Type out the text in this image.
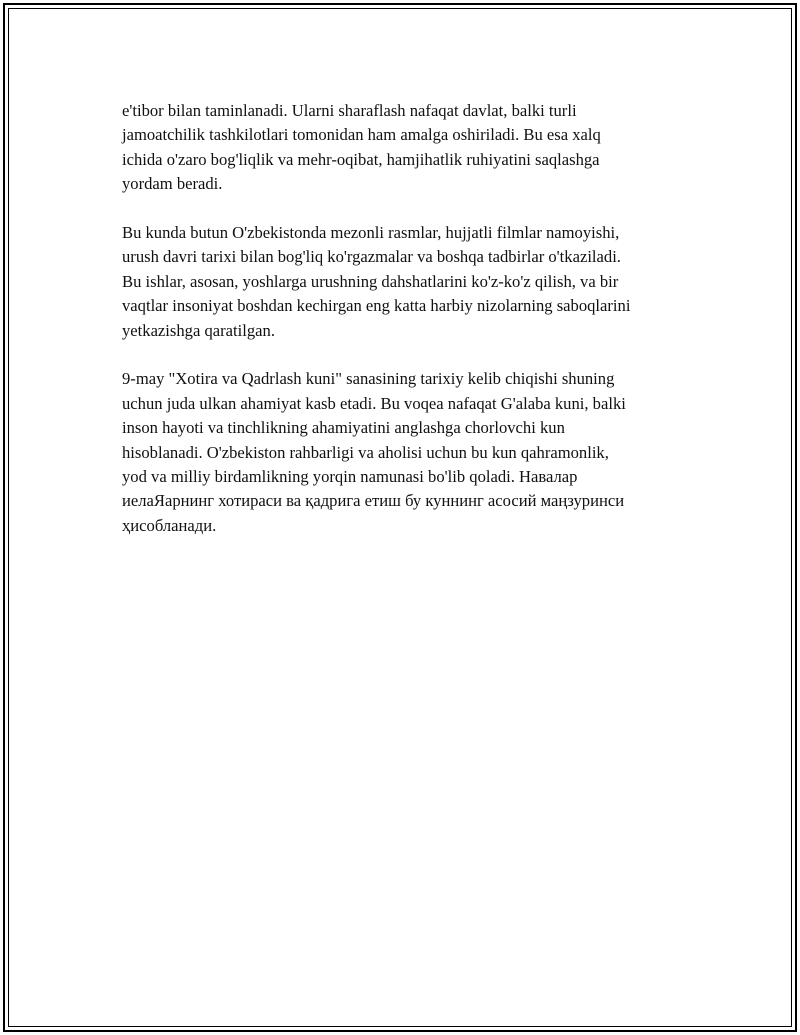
e'tibor bilan taminlanadi. Ularni sharaflash nafaqat davlat, balki turli
jamoatchilik tashkilotlari tomonidan ham amalga oshiriladi. Bu esa xalq
ichida o'zaro bog'liqlik va mehr-oqibat, hamjihatlik ruhiyatini saqlashga
yordam beradi.

Bu kunda butun O'zbekistonda mezonli rasmlar, hujjatli filmlar namoyishi,
urush davri tarixi bilan bog'liq ko'rgazmalar va boshqa tadbirlar o'tkaziladi.
Bu ishlar, asosan, yoshlarga urushning dahshatlarini ko'z-ko'z qilish, va bir
vaqtlar insoniyat boshdan kechirgan eng katta harbiy nizolarning saboqlarini
yetkazishga qaratilgan.

9-may "Xotira va Qadrlash kuni" sanasining tarixiy kelib chiqishi shuning
uchun juda ulkan ahamiyat kasb etadi. Bu voqea nafaqat G'alaba kuni, balki
inson hayoti va tinchlikning ahamiyatini anglashga chorlovchi kun
hisoblanadi. O'zbekiston rahbarligi va aholisi uchun bu kun qahramonlik,
yod va milliy birdamlikning yorqin namunasi bo'lib qoladi. Навалар
иелаЯарнинг хотираси ва қадрига етиш бу куннинг асосий маңзуринси
ҳисобланади.
